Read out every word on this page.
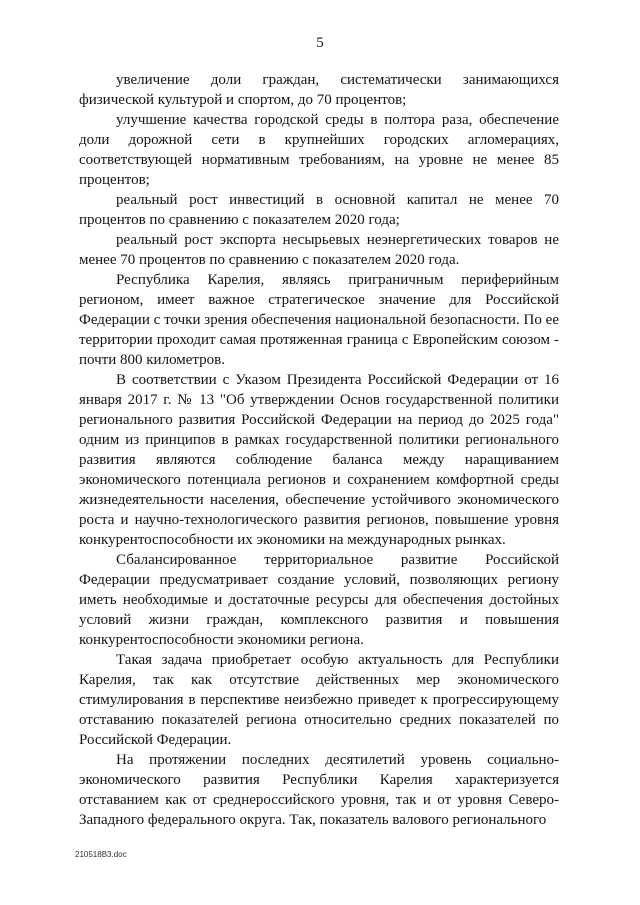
5

увеличение доли граждан, систематически занимающихся физической культурой и спортом, до 70 процентов;

улучшение качества городской среды в полтора раза, обеспечение доли дорожной сети в крупнейших городских агломерациях, соответствующей нормативным требованиям, на уровне не менее 85 процентов;

реальный рост инвестиций в основной капитал не менее 70 процентов по сравнению с показателем 2020 года;

реальный рост экспорта несырьевых неэнергетических товаров не менее 70 процентов по сравнению с показателем 2020 года.

Республика Карелия, являясь приграничным периферийным регионом, имеет важное стратегическое значение для Российской Федерации с точки зрения обеспечения национальной безопасности. По ее территории проходит самая протяженная граница с Европейским союзом - почти 800 километров.

В соответствии с Указом Президента Российской Федерации от 16 января 2017 г. № 13 "Об утверждении Основ государственной политики регионального развития Российской Федерации на период до 2025 года" одним из принципов в рамках государственной политики регионального развития являются соблюдение баланса между наращиванием экономического потенциала регионов и сохранением комфортной среды жизнедеятельности населения, обеспечение устойчивого экономического роста и научно-технологического развития регионов, повышение уровня конкурентоспособности их экономики на международных рынках.

Сбалансированное территориальное развитие Российской Федерации предусматривает создание условий, позволяющих региону иметь необходимые и достаточные ресурсы для обеспечения достойных условий жизни граждан, комплексного развития и повышения конкурентоспособности экономики региона.

Такая задача приобретает особую актуальность для Республики Карелия, так как отсутствие действенных мер экономического стимулирования в перспективе неизбежно приведет к прогрессирующему отставанию показателей региона относительно средних показателей по Российской Федерации.

На протяжении последних десятилетий уровень социально-экономического развития Республики Карелия характеризуется отставанием как от среднероссийского уровня, так и от уровня Северо-Западного федерального округа. Так, показатель валового регионального

210518B3.doc
